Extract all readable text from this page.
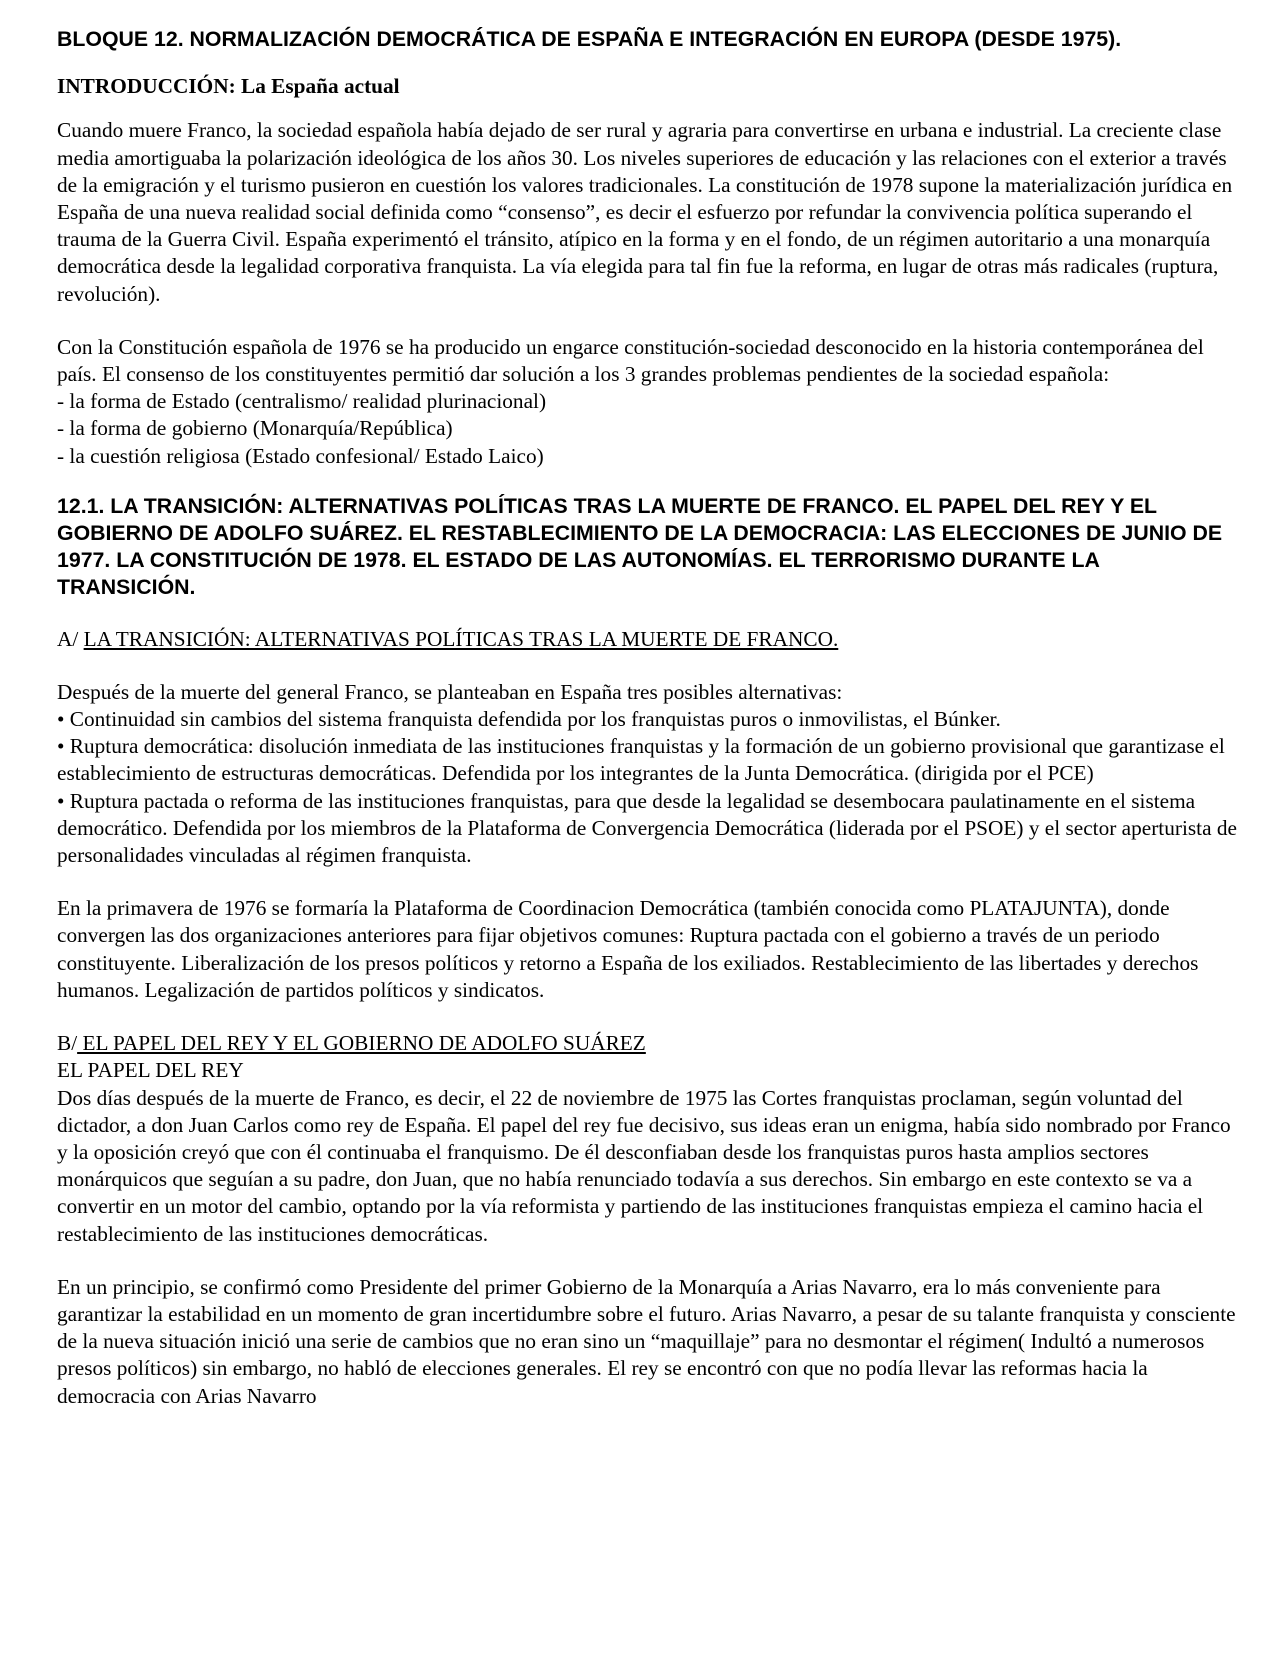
BLOQUE 12. NORMALIZACIÓN DEMOCRÁTICA DE ESPAÑA E INTEGRACIÓN EN EUROPA (DESDE 1975).
INTRODUCCIÓN: La España actual

Cuando muere Franco, la sociedad española había dejado de ser rural y agraria para convertirse en urbana e industrial. La creciente clase media amortiguaba la polarización ideológica de los años 30. Los niveles superiores de educación y las relaciones con el exterior a través de la emigración y el turismo pusieron en cuestión los valores tradicionales. La constitución de 1978 supone la materialización jurídica en España de una nueva realidad social definida como “consenso”, es decir el esfuerzo por refundar la convivencia política superando el trauma de la Guerra Civil. España experimentó el tránsito, atípico en la forma y en el fondo, de un régimen autoritario a una monarquía democrática desde la legalidad corporativa franquista. La vía elegida para tal fin fue la reforma, en lugar de otras más radicales (ruptura, revolución).

Con la Constitución española de 1976 se ha producido un engarce constitución-sociedad desconocido en la historia contemporánea del país. El consenso de los constituyentes permitió dar solución a los 3 grandes problemas pendientes de la sociedad española:

- la forma de Estado (centralismo/ realidad plurinacional)
- la forma de gobierno (Monarquía/República)
- la cuestión religiosa (Estado confesional/ Estado Laico)
12.1. LA TRANSICIÓN: ALTERNATIVAS POLÍTICAS TRAS LA MUERTE DE FRANCO. EL PAPEL DEL REY Y EL GOBIERNO DE ADOLFO SUÁREZ. EL RESTABLECIMIENTO DE LA DEMOCRACIA: LAS ELECCIONES DE JUNIO DE 1977. LA CONSTITUCIÓN DE 1978. EL ESTADO DE LAS AUTONOMÍAS. EL TERRORISMO DURANTE LA TRANSICIÓN.

A/ LA TRANSICIÓN: ALTERNATIVAS POLÍTICAS TRAS LA MUERTE DE FRANCO.

Después de la muerte del general Franco, se planteaban en España tres posibles alternativas:

• Continuidad sin cambios del sistema franquista defendida por los franquistas puros o inmovilistas, el Búnker.

• Ruptura democrática: disolución inmediata de las instituciones franquistas y la formación de un gobierno provisional que garantizase el establecimiento de estructuras democráticas. Defendida por los integrantes de la Junta Democrática. (dirigida por el PCE)

• Ruptura pactada o reforma de las instituciones franquistas, para que desde la legalidad se desembocara paulatinamente en el sistema democrático. Defendida por los miembros de la Plataforma de Convergencia Democrática (liderada por el PSOE) y el sector aperturista de personalidades vinculadas al régimen franquista.

En la primavera de 1976 se formaría la Plataforma de Coordinacion Democrática (también conocida como PLATAJUNTA), donde convergen las dos organizaciones anteriores para fijar objetivos comunes: Ruptura pactada con el gobierno a través de un periodo constituyente. Liberalización de los presos políticos y retorno a España de los exiliados. Restablecimiento de las libertades y derechos humanos. Legalización de partidos políticos y sindicatos.

B/ EL PAPEL DEL REY Y EL GOBIERNO DE ADOLFO SUÁREZ

EL PAPEL DEL REY

Dos días después de la muerte de Franco, es decir, el 22 de noviembre de 1975 las Cortes franquistas proclaman, según voluntad del dictador, a don Juan Carlos como rey de España. El papel del rey fue decisivo, sus ideas eran un enigma, había sido nombrado por Franco y la oposición creyó que con él continuaba el franquismo. De él desconfiaban desde los franquistas puros hasta amplios sectores monárquicos que seguían a su padre, don Juan, que no había renunciado todavía a sus derechos. Sin embargo en este contexto se va a convertir en un motor del cambio, optando por la vía reformista y partiendo de las instituciones franquistas empieza el camino hacia el restablecimiento de las instituciones democráticas.

En un principio, se confirmó como Presidente del primer Gobierno de la Monarquía a Arias Navarro, era lo más conveniente para garantizar la estabilidad en un momento de gran incertidumbre sobre el futuro. Arias Navarro, a pesar de su talante franquista y consciente de la nueva situación inició una serie de cambios que no eran sino un “maquillaje” para no desmontar el régimen( Indultó a numerosos presos políticos) sin embargo, no habló de elecciones generales. El rey se encontró con que no podía llevar las reformas hacia la democracia con Arias Navarro
